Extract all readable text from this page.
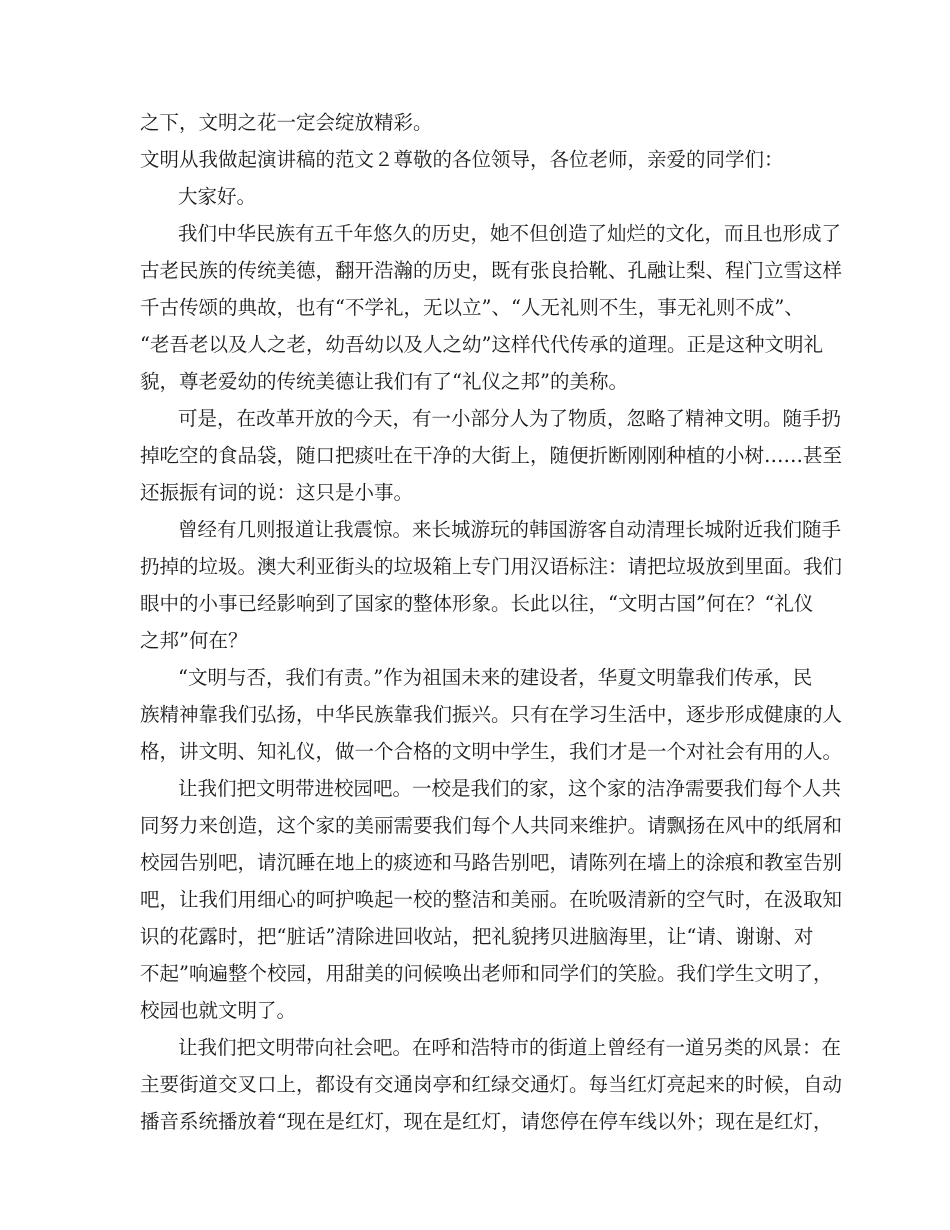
之下，文明之花一定会绽放精彩。
文明从我做起演讲稿的范文２尊敬的各位领导，各位老师，亲爱的同学们：
大家好。
我们中华民族有五千年悠久的历史，她不但创造了灿烂的文化，而且也形成了
古老民族的传统美德，翻开浩瀚的历史，既有张良拾靴、孔融让梨、程门立雪这样
千古传颂的典故，也有“不学礼，无以立”、“人无礼则不生，事无礼则不成”、
“老吾老以及人之老，幼吾幼以及人之幼”这样代代传承的道理。正是这种文明礼
貌，尊老爱幼的传统美德让我们有了“礼仪之邦”的美称。
可是，在改革开放的今天，有一小部分人为了物质，忽略了精神文明。随手扔
掉吃空的食品袋，随口把痰吐在干净的大街上，随便折断刚刚种植的小树……甚至
还振振有词的说：这只是小事。
曾经有几则报道让我震惊。来长城游玩的韩国游客自动清理长城附近我们随手
扔掉的垃圾。澳大利亚街头的垃圾箱上专门用汉语标注：请把垃圾放到里面。我们
眼中的小事已经影响到了国家的整体形象。长此以往，“文明古国”何在？“礼仪
之邦”何在？
“文明与否，我们有责。”作为祖国未来的建设者，华夏文明靠我们传承，民
族精神靠我们弘扬，中华民族靠我们振兴。只有在学习生活中，逐步形成健康的人
格，讲文明、知礼仪，做一个合格的文明中学生，我们才是一个对社会有用的人。
让我们把文明带进校园吧。一校是我们的家，这个家的洁净需要我们每个人共
同努力来创造，这个家的美丽需要我们每个人共同来维护。请飘扬在风中的纸屑和
校园告别吧，请沉睡在地上的痰迹和马路告别吧，请陈列在墙上的涂痕和教室告别
吧，让我们用细心的呵护唤起一校的整洁和美丽。在吮吸清新的空气时，在汲取知
识的花露时，把“脏话”清除进回收站，把礼貌拷贝进脑海里，让“请、谢谢、对
不起”响遍整个校园，用甜美的问候唤出老师和同学们的笑脸。我们学生文明了，
校园也就文明了。
让我们把文明带向社会吧。在呼和浩特市的街道上曾经有一道另类的风景：在
主要街道交叉口上，都设有交通岗亭和红绿交通灯。每当红灯亮起来的时候，自动
播音系统播放着“现在是红灯，现在是红灯，请您停在停车线以外；现在是红灯，
